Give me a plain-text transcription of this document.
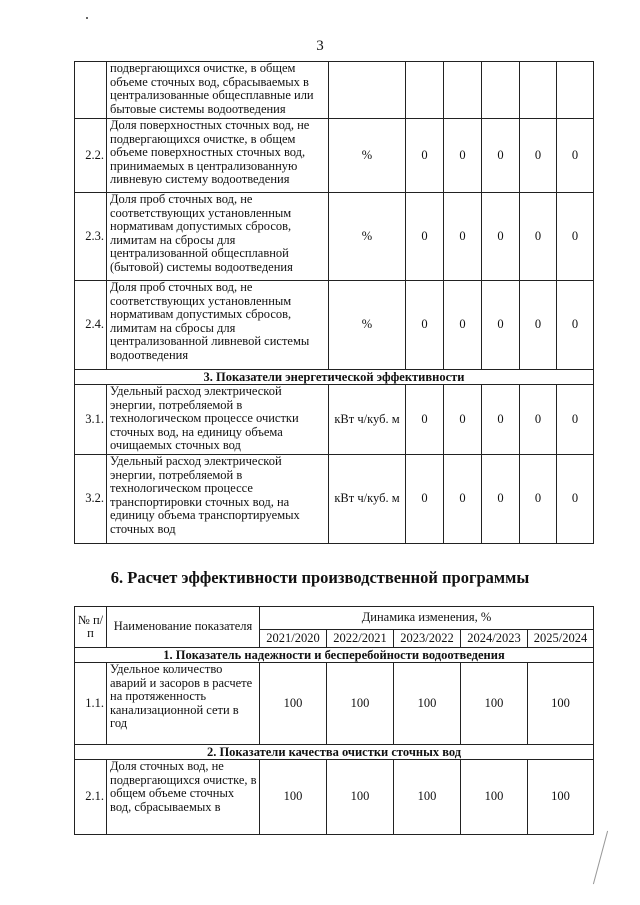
3
	подвергающихся очистке, в общем объеме сточных вод, сбрасываемых в централизованные общесплавные или бытовые системы водоотведения						
2.2.	Доля поверхностных сточных вод, не подвергающихся очистке, в общем объеме поверхностных сточных вод, принимаемых в централизованную ливневую систему водоотведения	%	0	0	0	0	0
2.3.	Доля проб сточных вод, не соответствующих установленным нормативам допустимых сбросов, лимитам на сбросы для централизованной общесплавной (бытовой) системы водоотведения	%	0	0	0	0	0
2.4.	Доля проб сточных вод, не соответствующих установленным нормативам допустимых сбросов, лимитам на сбросы для централизованной ливневой системы водоотведения	%	0	0	0	0	0
3. Показатели энергетической эффективности							
3.1.	Удельный расход электрической энергии, потребляемой в технологическом процессе очистки сточных вод, на единицу объема очищаемых сточных вод	кВт ч/куб. м	0	0	0	0	0
3.2.	Удельный расход электрической энергии, потребляемой в технологическом процессе транспортировки сточных вод, на единицу объема транспортируемых сточных вод	кВт ч/куб. м	0	0	0	0	0
6. Расчет эффективности производственной программы
№ п/п	Наименование показателя	Динамика изменения, %				
		2021/2020	2022/2021	2023/2022	2024/2023	2025/2024
1. Показатель надежности и бесперебойности водоотведения						
1.1.	Удельное количество аварий и засоров в расчете на протяженность канализационной сети в год	100	100	100	100	100
2. Показатели качества очистки сточных вод						
2.1.	Доля сточных вод, не подвергающихся очистке, в общем объеме сточных вод, сбрасываемых в	100	100	100	100	100
